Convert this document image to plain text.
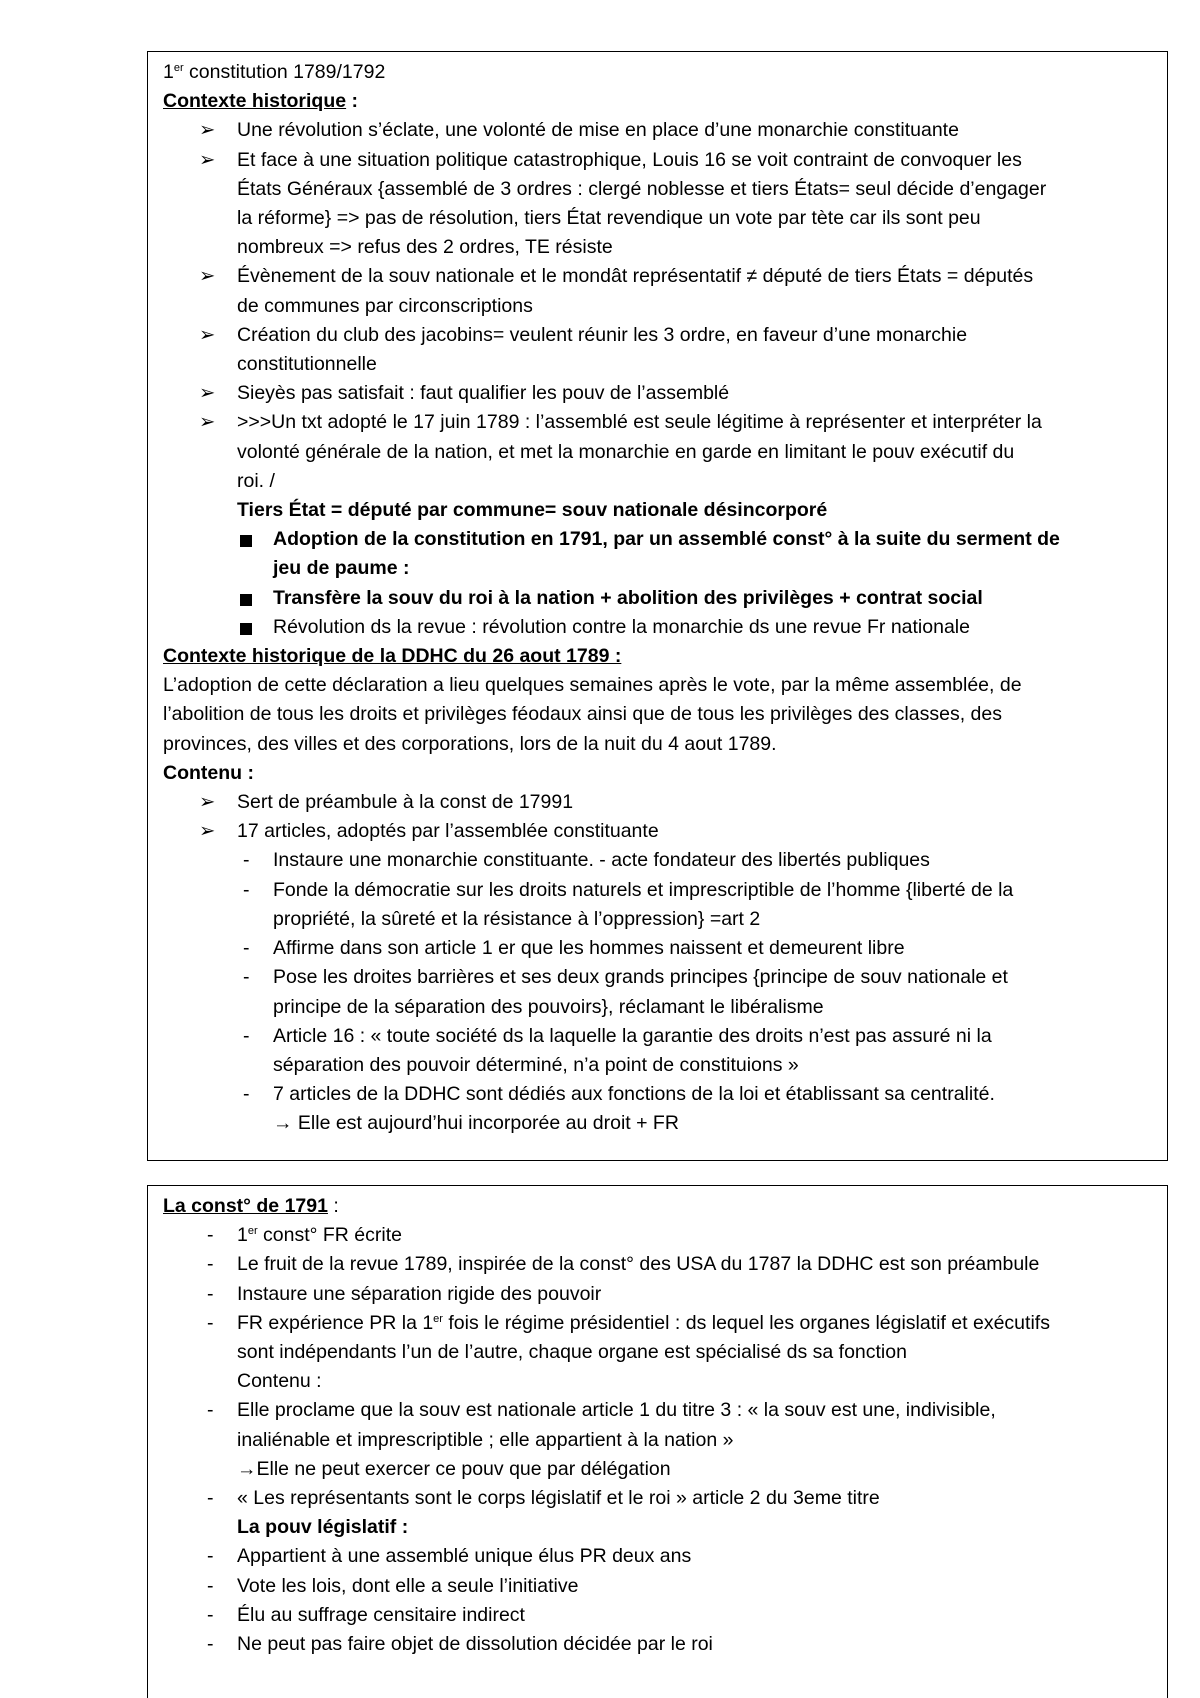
1er constitution 1789/1792
Contexte historique :
➢ Une révolution s’éclate, une volonté de mise en place d’une monarchie constituante
➢ Et face à une situation politique catastrophique, Louis 16 se voit contraint de convoquer les
États Généraux {assemblé de 3 ordres : clergé noblesse et tiers États= seul décide d’engager
la réforme} => pas de résolution, tiers État revendique un vote par tète car ils sont peu
nombreux => refus des 2 ordres, TE résiste
➢ Évènement de la souv nationale et le mondât représentatif ≠ député de tiers États = députés
de communes par circonscriptions
➢ Création du club des jacobins= veulent réunir les 3 ordre, en faveur d’une monarchie
constitutionnelle
➢ Sieyès pas satisfait : faut qualifier les pouv de l’assemblé
➢ >>>Un txt adopté le 17 juin 1789 : l’assemblé est seule légitime à représenter et interpréter la
volonté générale de la nation, et met la monarchie en garde en limitant le pouv exécutif du
roi. /
Tiers État = député par commune= souv nationale désincorporé
Adoption de la constitution en 1791, par un assemblé const° à la suite du serment de
jeu de paume :
Transfère la souv du roi à la nation + abolition des privilèges + contrat social
Révolution ds la revue : révolution contre la monarchie ds une revue Fr nationale
Contexte historique de la DDHC du 26 aout 1789 :
L’adoption de cette déclaration a lieu quelques semaines après le vote, par la même assemblée, de
l’abolition de tous les droits et privilèges féodaux ainsi que de tous les privilèges des classes, des
provinces, des villes et des corporations, lors de la nuit du 4 aout 1789.
Contenu :
➢ Sert de préambule à la const de 17991
➢ 17 articles, adoptés par l’assemblée constituante
- Instaure une monarchie constituante. - acte fondateur des libertés publiques
- Fonde la démocratie sur les droits naturels et imprescriptible de l’homme {liberté de la
propriété, la sûreté et la résistance à l’oppression} =art 2
- Affirme dans son article 1 er que les hommes naissent et demeurent libre
- Pose les droites barrières et ses deux grands principes {principe de souv nationale et
principe de la séparation des pouvoirs}, réclamant le libéralisme
- Article 16 : « toute société ds la laquelle la garantie des droits n’est pas assuré ni la
séparation des pouvoir déterminé, n’a point de constituions »
- 7 articles de la DDHC sont dédiés aux fonctions de la loi et établissant sa centralité.
→ Elle est aujourd’hui incorporée au droit + FR
La const° de 1791 :
- 1er const° FR écrite
- Le fruit de la revue 1789, inspirée de la const° des USA du 1787 la DDHC est son préambule
- Instaure une séparation rigide des pouvoir
- FR expérience PR la 1er fois le régime présidentiel : ds lequel les organes législatif et exécutifs
sont indépendants l’un de l’autre, chaque organe est spécialisé ds sa fonction
Contenu :
- Elle proclame que la souv est nationale article 1 du titre 3 : « la souv est une, indivisible,
inaliénable et imprescriptible ; elle appartient à la nation »
→Elle ne peut exercer ce pouv que par délégation
- « Les représentants sont le corps législatif et le roi » article 2 du 3eme titre
La pouv législatif :
- Appartient à une assemblé unique élus PR deux ans
- Vote les lois, dont elle a seule l’initiative
- Élu au suffrage censitaire indirect
- Ne peut pas faire objet de dissolution décidée par le roi
